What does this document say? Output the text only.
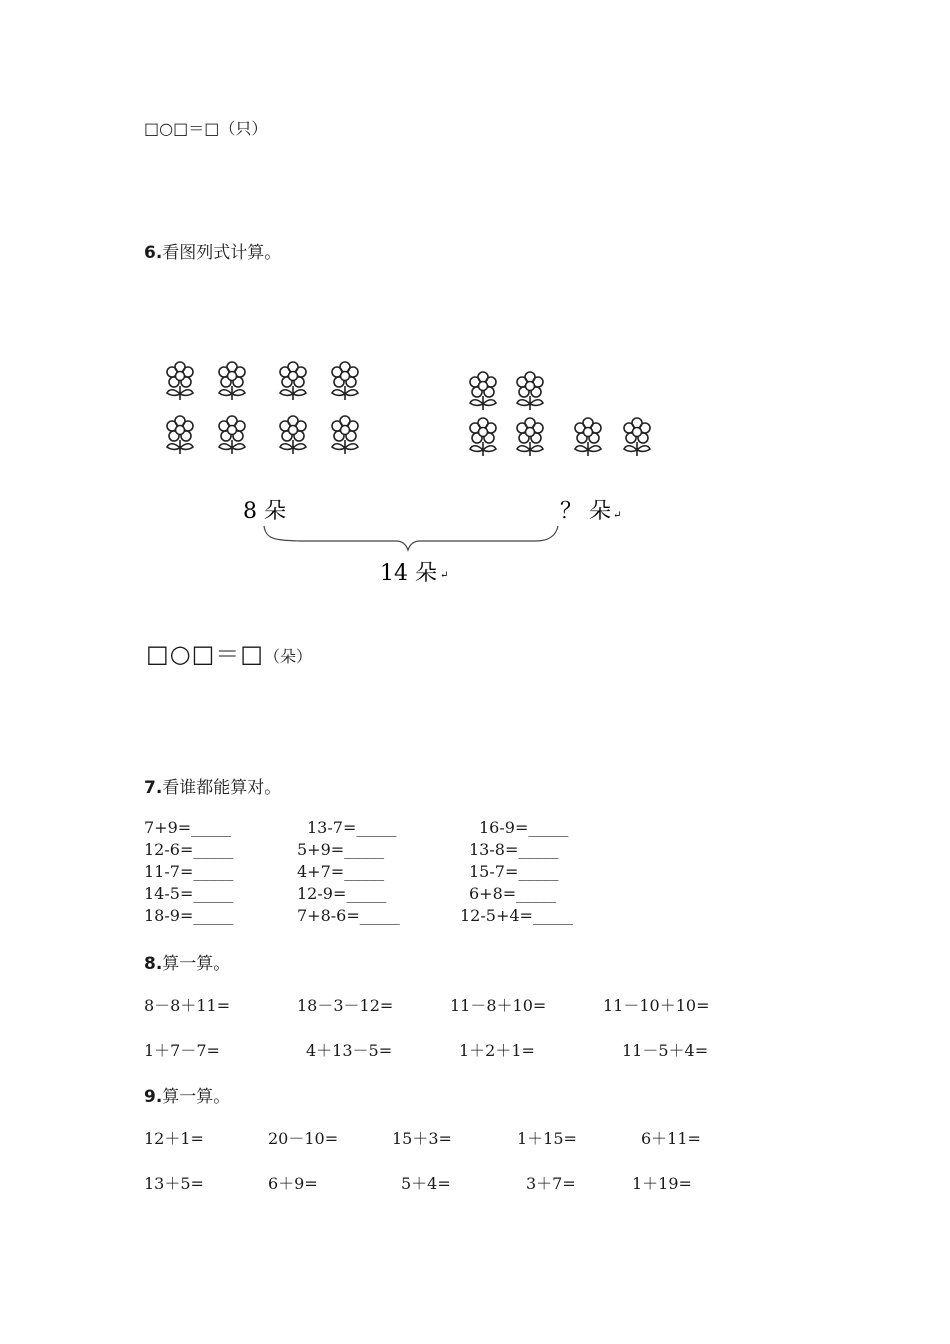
□○□＝□（只）
6.看图列式计算。
8 朵	？ 朵 ↵
14 朵 ↵
□○□＝□（朵）
7.看谁都能算对。
7+9=_____	13-7=_____	16-9=_____
12-6=_____	5+9=_____	13-8=_____
11-7=_____	4+7=_____	15-7=_____
14-5=_____	12-9=_____	6+8=_____
18-9=_____	7+8-6=_____	12-5+4=_____
8.算一算。
8－8＋11=	18－3－12=	11－8＋10=	11－10＋10=
1＋7－7=	4＋13－5=	1＋2＋1=	11－5＋4=
9.算一算。
12＋1=	20－10=	15＋3=	1＋15=	6＋11=
13＋5=	6＋9=	5＋4=	3＋7=	1＋19=
